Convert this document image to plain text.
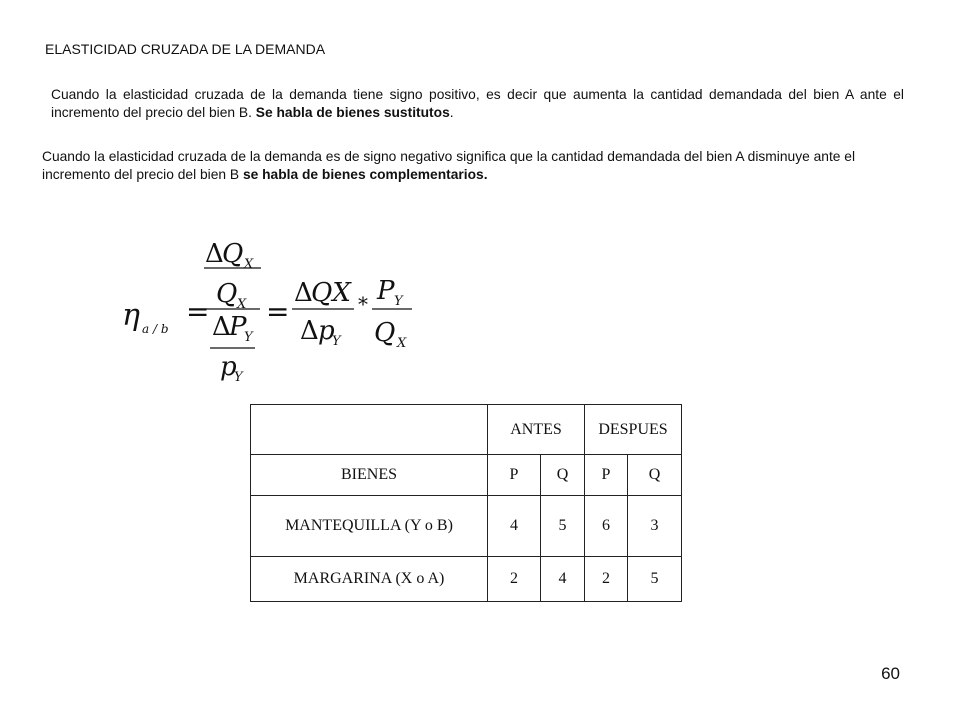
ELASTICIDAD CRUZADA DE LA DEMANDA
Cuando la elasticidad cruzada de la demanda tiene signo positivo, es decir que aumenta la cantidad demandada del bien A ante el incremento del precio del bien B. Se habla de bienes sustitutos.
Cuando la elasticidad cruzada de la demanda es de signo negativo significa que la cantidad demandada del bien A disminuye ante el incremento del precio del bien B se habla de bienes complementarios.
η a / b
=
Δ
Q X
Q X
Δ
P
Y
p
Y
=
Δ
QX
Δ p
Y
* P Y
Q X
	ANTES		DESPUES	
BIENES	P	Q	P	Q
MANTEQUILLA (Y o B)	4	5	6	3
MARGARINA (X o A)	2	4	2	5
60
